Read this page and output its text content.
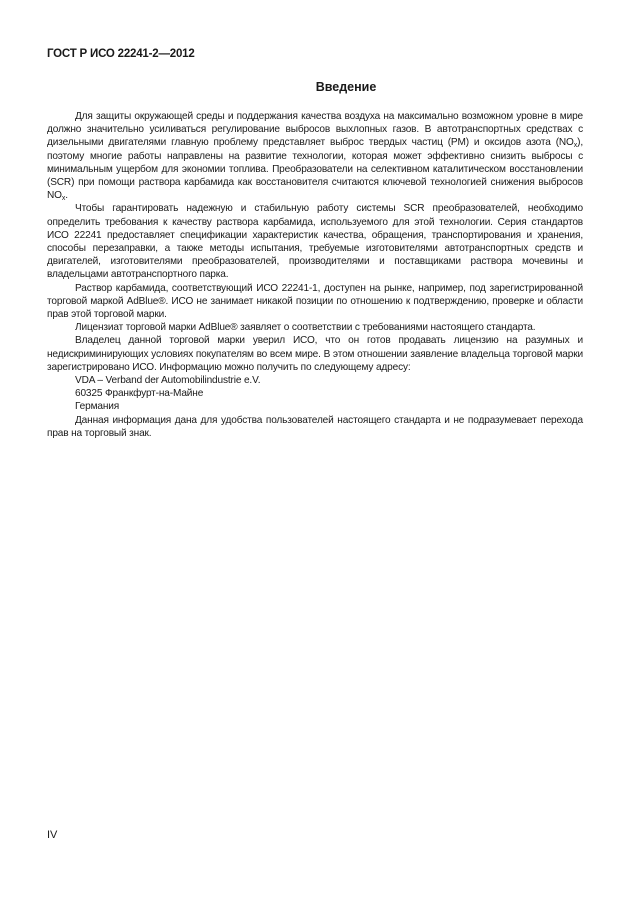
ГОСТ Р ИСО 22241-2—2012
Введение

Для защиты окружающей среды и поддержания качества воздуха на максимально возможном уровне в мире должно значительно усиливаться регулирование выбросов выхлопных газов. В автотранспортных средствах с дизельными двигателями главную проблему представляет выброс твердых частиц (PM) и оксидов азота $(NO_x)$, поэтому многие работы направлены на развитие технологии, которая может эффективно снизить выбросы с минимальным ущербом для экономии топлива. Преобразователи на селективном каталитическом восстановлении (SCR) при помощи раствора карбамида как восстановителя считаются ключевой технологией снижения выбросов $NO_x$.

Чтобы гарантировать надежную и стабильную работу системы SCR преобразователей, необходимо определить требования к качеству раствора карбамида, используемого для этой технологии. Серия стандартов ИСО 22241 предоставляет спецификации характеристик качества, обращения, транспортирования и хранения, способы перезаправки, а также методы испытания, требуемые изготовителями автотранспортных средств и двигателей, изготовителями преобразователей, производителями и поставщиками раствора мочевины и владельцами автотранспортного парка.

Раствор карбамида, соответствующий ИСО 22241-1, доступен на рынке, например, под зарегистрированной торговой маркой AdBlue®. ИСО не занимает никакой позиции по отношению к подтверждению, проверке и области прав этой торговой марки.

Лицензиат торговой марки AdBlue® заявляет о соответствии с требованиями настоящего стандарта.

Владелец данной торговой марки уверил ИСО, что он готов продавать лицензию на разумных и недискриминирующих условиях покупателям во всем мире. В этом отношении заявление владельца торговой марки зарегистрировано ИСО. Информацию можно получить по следующему адресу:

VDA – Verband der Automobilindustrie e.V.

60325 Франкфурт-на-Майне

Германия

Данная информация дана для удобства пользователей настоящего стандарта и не подразумевает перехода прав на торговый знак.

IV
